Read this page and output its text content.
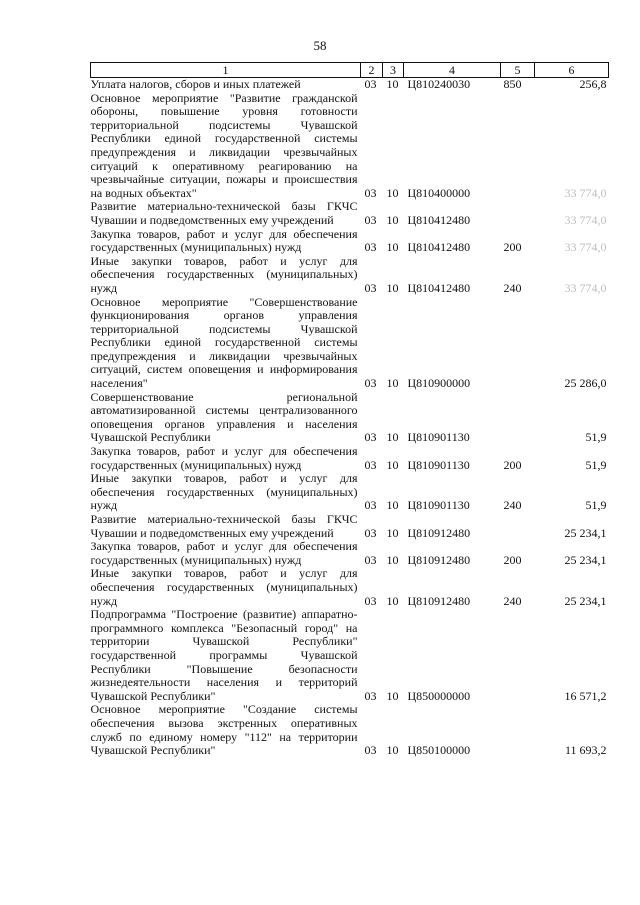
58
1	2	3	4	5	6
Уплата налогов, сборов и иных платежей	03	10	Ц810240030	850	256,8
Основное мероприятие "Развитие гражданской обороны, повышение уровня готовности территориальной подсистемы Чувашской Республики единой государственной системы предупреждения и ликвидации чрезвычайных ситуаций к оперативному реагированию на чрезвычайные ситуации, пожары и происшествия на водных объектах"	03	10	Ц810400000		33 774,0
Развитие материально-технической базы ГКЧС Чувашии и подведомственных ему учреждений	03	10	Ц810412480		33 774,0
Закупка товаров, работ и услуг для обеспечения государственных (муниципальных) нужд	03	10	Ц810412480	200	33 774,0
Иные закупки товаров, работ и услуг для обеспечения государственных (муниципальных) нужд	03	10	Ц810412480	240	33 774,0
Основное мероприятие "Совершенствование функционирования органов управления территориальной подсистемы Чувашской Республики единой государственной системы предупреждения и ликвидации чрезвычайных ситуаций, систем оповещения и информирования населения"	03	10	Ц810900000		25 286,0
Совершенствование региональной автоматизированной системы централизованного оповещения органов управления и населения Чувашской Республики	03	10	Ц810901130		51,9
Закупка товаров, работ и услуг для обеспечения государственных (муниципальных) нужд	03	10	Ц810901130	200	51,9
Иные закупки товаров, работ и услуг для обеспечения государственных (муниципальных) нужд	03	10	Ц810901130	240	51,9
Развитие материально-технической базы ГКЧС Чувашии и подведомственных ему учреждений	03	10	Ц810912480		25 234,1
Закупка товаров, работ и услуг для обеспечения государственных (муниципальных) нужд	03	10	Ц810912480	200	25 234,1
Иные закупки товаров, работ и услуг для обеспечения государственных (муниципальных) нужд	03	10	Ц810912480	240	25 234,1
Подпрограмма "Построение (развитие) аппаратно-программного комплекса "Безопасный город" на территории Чувашской Республики" государственной программы Чувашской Республики "Повышение безопасности жизнедеятельности населения и территорий Чувашской Республики"	03	10	Ц850000000		16 571,2
Основное мероприятие "Создание системы обеспечения вызова экстренных оперативных служб по единому номеру "112" на территории Чувашской Республики"	03	10	Ц850100000		11 693,2
